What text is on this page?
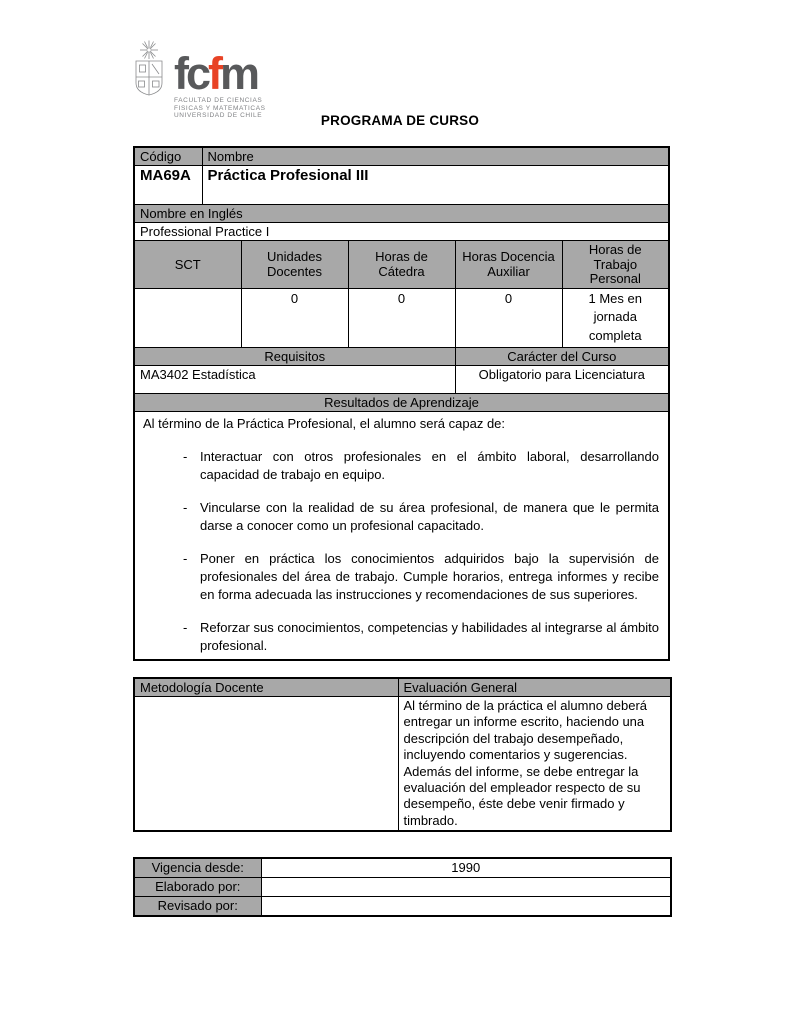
fcfm
FACULTAD DE CIENCIAS
FISICAS Y MATEMATICAS
UNIVERSIDAD DE CHILE	PROGRAMA DE CURSO
Código	Nombre				
MA69A	Práctica Profesional III				
Nombre en Inglés					
Professional Practice I					
SCT		Unidades Docentes	Horas de Cátedra	Horas Docencia Auxiliar	Horas de Trabajo Personal
		0	0	0	1 Mes en jornada completa
Requisitos				Carácter del Curso	
MA3402 Estadística				Obligatorio para Licenciatura	
Resultados de Aprendizaje					

Al término de la Práctica Profesional, el alumno será capaz de:

- Interactuar con otros profesionales en el ámbito laboral, desarrollando capacidad de trabajo en equipo.
- Vincularse con la realidad de su área profesional, de manera que le permita darse a conocer como un profesional capacitado.
- Poner en práctica los conocimientos adquiridos bajo la supervisión de profesionales del área de trabajo. Cumple horarios, entrega informes y recibe en forma adecuada las instrucciones y recomendaciones de sus superiores.
- Reforzar sus conocimientos, competencias y habilidades al integrarse al ámbito profesional.
Metodología Docente	Evaluación General
	Al término de la práctica el alumno deberá entregar un informe escrito, haciendo una descripción del trabajo desempeñado, incluyendo comentarios y sugerencias. Además del informe, se debe entregar la evaluación del empleador respecto de su desempeño, éste debe venir firmado y timbrado.
Vigencia desde:	1990
Elaborado por:	
Revisado por:	
